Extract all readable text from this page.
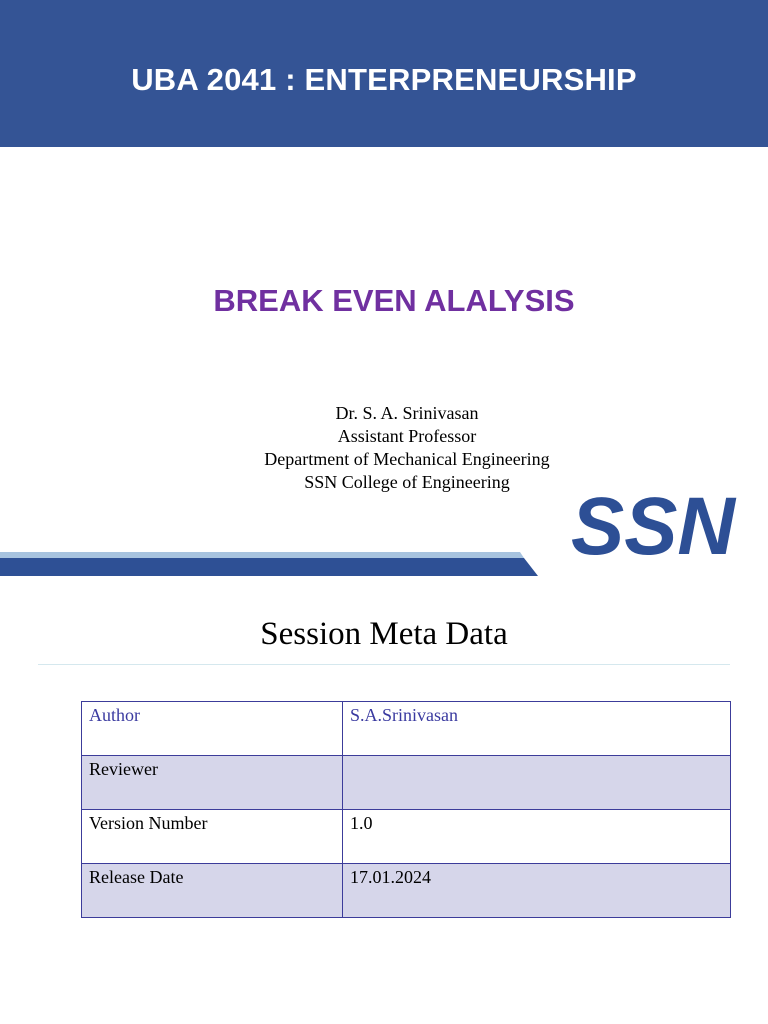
UBA 2041 : ENTERPRENEURSHIP
BREAK EVEN ALALYSIS
Dr. S. A. Srinivasan
Assistant Professor
Department of Mechanical Engineering
SSN College of Engineering SSN
Session Meta Data
Author	S.A.Srinivasan
Reviewer	
Version Number	1.0
Release Date	17.01.2024
